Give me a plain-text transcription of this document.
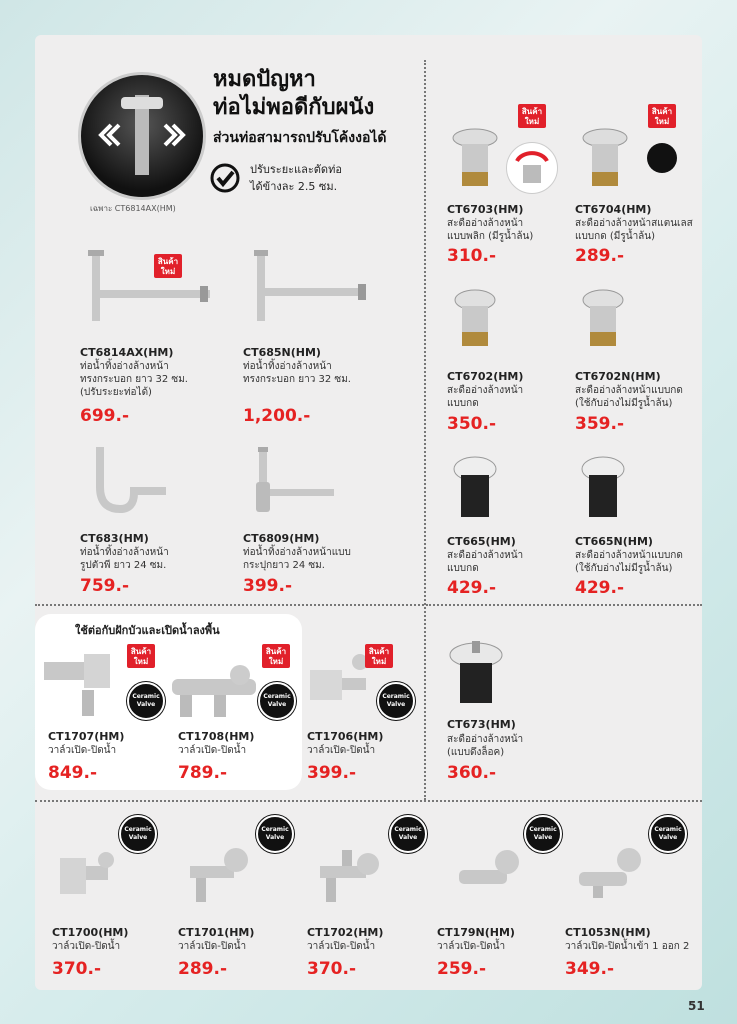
เฉพาะ CT6814AX(HM)
หมดปัญหา
ท่อไม่พอดีกับผนัง
ส่วนท่อสามารถปรับโค้งงอได้
ปรับระยะและตัดท่อ
ได้ข้างละ 2.5 ซม.
สินค้าใหม่
CT6814AX(HM)
ท่อน้ำทิ้งอ่างล้างหน้า
ทรงกระบอก ยาว 32 ซม.
(ปรับระยะท่อได้)
699.-
CT685N(HM)
ท่อน้ำทิ้งอ่างล้างหน้า
ทรงกระบอก ยาว 32 ซม.
1,200.-
CT683(HM)
ท่อน้ำทิ้งอ่างล้างหน้า
รูปตัวพี ยาว 24 ซม.
759.-
CT6809(HM)
ท่อน้ำทิ้งอ่างล้างหน้าแบบ
กระปุกยาว 24 ซม.
399.-
สินค้าใหม่
สินค้าใหม่
CT6703(HM)
สะดืออ่างล้างหน้า
แบบพลิก (มีรูน้ำล้น)
310.-
CT6704(HM)
สะดืออ่างล้างหน้าสแตนเลส
แบบกด (มีรูน้ำล้น)
289.-
CT6702(HM)
สะดืออ่างล้างหน้า
แบบกด
350.-
CT6702N(HM)
สะดืออ่างล้างหน้าแบบกด
(ใช้กับอ่างไม่มีรูน้ำล้น)
359.-
CT665(HM)
สะดืออ่างล้างหน้า
แบบกด
429.-
CT665N(HM)
สะดืออ่างล้างหน้าแบบกด
(ใช้กับอ่างไม่มีรูน้ำล้น)
429.-
CT673(HM)
สะดืออ่างล้างหน้า
(แบบดึงล็อค)
360.-
ใช้ต่อกับฝักบัวและเปิดน้ำลงพื้น
สินค้าใหม่
Ceramic Valve
สินค้าใหม่
Ceramic Valve
สินค้าใหม่
Ceramic Valve
CT1707(HM)
วาล์วเปิด-ปิดน้ำ
849.-
CT1708(HM)
วาล์วเปิด-ปิดน้ำ
789.-
CT1706(HM)
วาล์วเปิด-ปิดน้ำ
399.-
Ceramic Valve
Ceramic Valve
Ceramic Valve
Ceramic Valve
Ceramic Valve
CT1700(HM)
วาล์วเปิด-ปิดน้ำ
370.-
CT1701(HM)
วาล์วเปิด-ปิดน้ำ
289.-
CT1702(HM)
วาล์วเปิด-ปิดน้ำ
370.-
CT179N(HM)
วาล์วเปิด-ปิดน้ำ
259.-
CT1053N(HM)
วาล์วเปิด-ปิดน้ำเข้า 1 ออก 2
349.-
51
